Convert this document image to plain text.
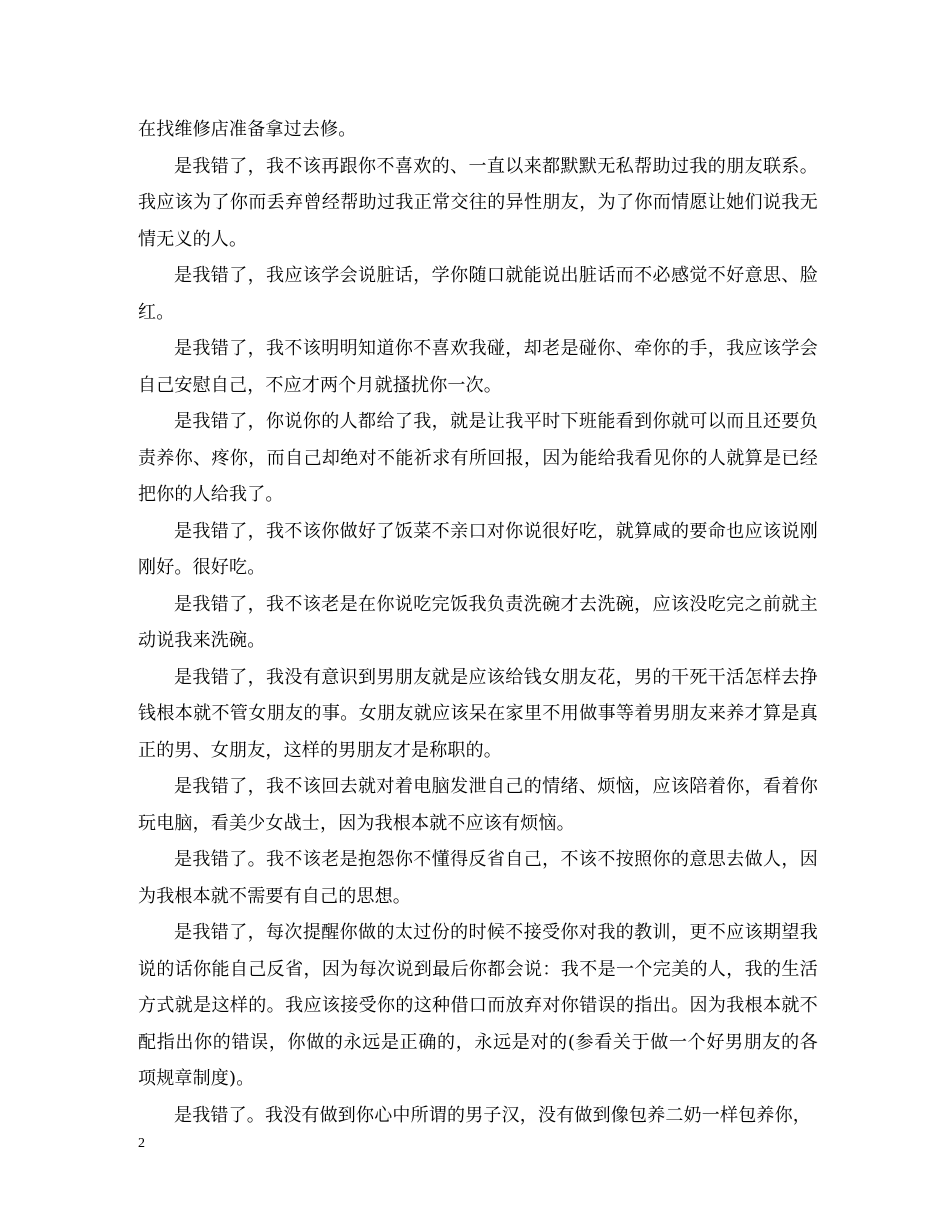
在找维修店准备拿过去修。

是我错了，我不该再跟你不喜欢的、一直以来都默默无私帮助过我的朋友联系。我应该为了你而丢弃曾经帮助过我正常交往的异性朋友，为了你而情愿让她们说我无情无义的人。

是我错了，我应该学会说脏话，学你随口就能说出脏话而不必感觉不好意思、脸红。

是我错了，我不该明明知道你不喜欢我碰，却老是碰你、牵你的手，我应该学会自己安慰自己，不应才两个月就搔扰你一次。

是我错了，你说你的人都给了我，就是让我平时下班能看到你就可以而且还要负责养你、疼你，而自己却绝对不能祈求有所回报，因为能给我看见你的人就算是已经把你的人给我了。

是我错了，我不该你做好了饭菜不亲口对你说很好吃，就算咸的要命也应该说刚刚好。很好吃。

是我错了，我不该老是在你说吃完饭我负责洗碗才去洗碗，应该没吃完之前就主动说我来洗碗。

是我错了，我没有意识到男朋友就是应该给钱女朋友花，男的干死干活怎样去挣钱根本就不管女朋友的事。女朋友就应该呆在家里不用做事等着男朋友来养才算是真正的男、女朋友，这样的男朋友才是称职的。

是我错了，我不该回去就对着电脑发泄自己的情绪、烦恼，应该陪着你，看着你玩电脑，看美少女战士，因为我根本就不应该有烦恼。

是我错了。我不该老是抱怨你不懂得反省自己，不该不按照你的意思去做人，因为我根本就不需要有自己的思想。

是我错了，每次提醒你做的太过份的时候不接受你对我的教训，更不应该期望我说的话你能自己反省，因为每次说到最后你都会说：我不是一个完美的人，我的生活方式就是这样的。我应该接受你的这种借口而放弃对你错误的指出。因为我根本就不配指出你的错误，你做的永远是正确的，永远是对的(参看关于做一个好男朋友的各项规章制度)。

是我错了。我没有做到你心中所谓的男子汉，没有做到像包养二奶一样包养你，

2
